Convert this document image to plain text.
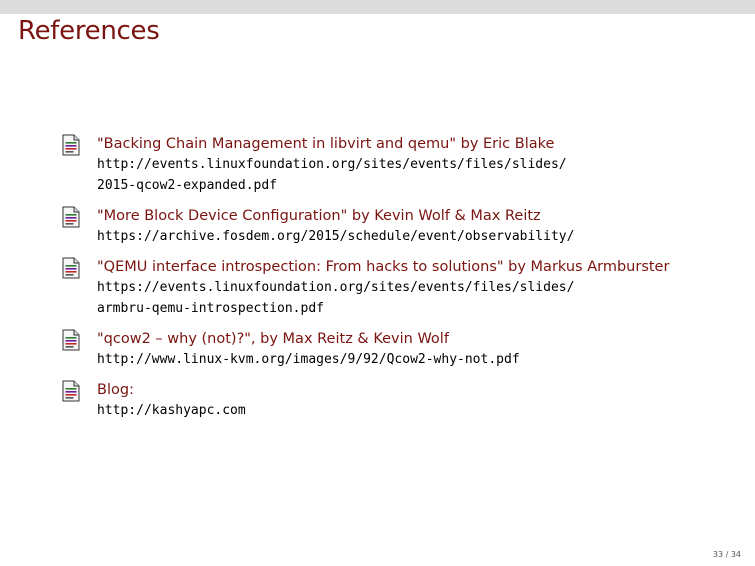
References
"Backing Chain Management in libvirt and qemu" by Eric Blake
http://events.linuxfoundation.org/sites/events/files/slides/
2015-qcow2-expanded.pdf
"More Block Device Configuration" by Kevin Wolf & Max Reitz
https://archive.fosdem.org/2015/schedule/event/observability/
"QEMU interface introspection: From hacks to solutions" by Markus Armburster
https://events.linuxfoundation.org/sites/events/files/slides/
armbru-qemu-introspection.pdf
"qcow2 – why (not)?", by Max Reitz & Kevin Wolf
http://www.linux-kvm.org/images/9/92/Qcow2-why-not.pdf
Blog:
http://kashyapc.com
33 / 34
